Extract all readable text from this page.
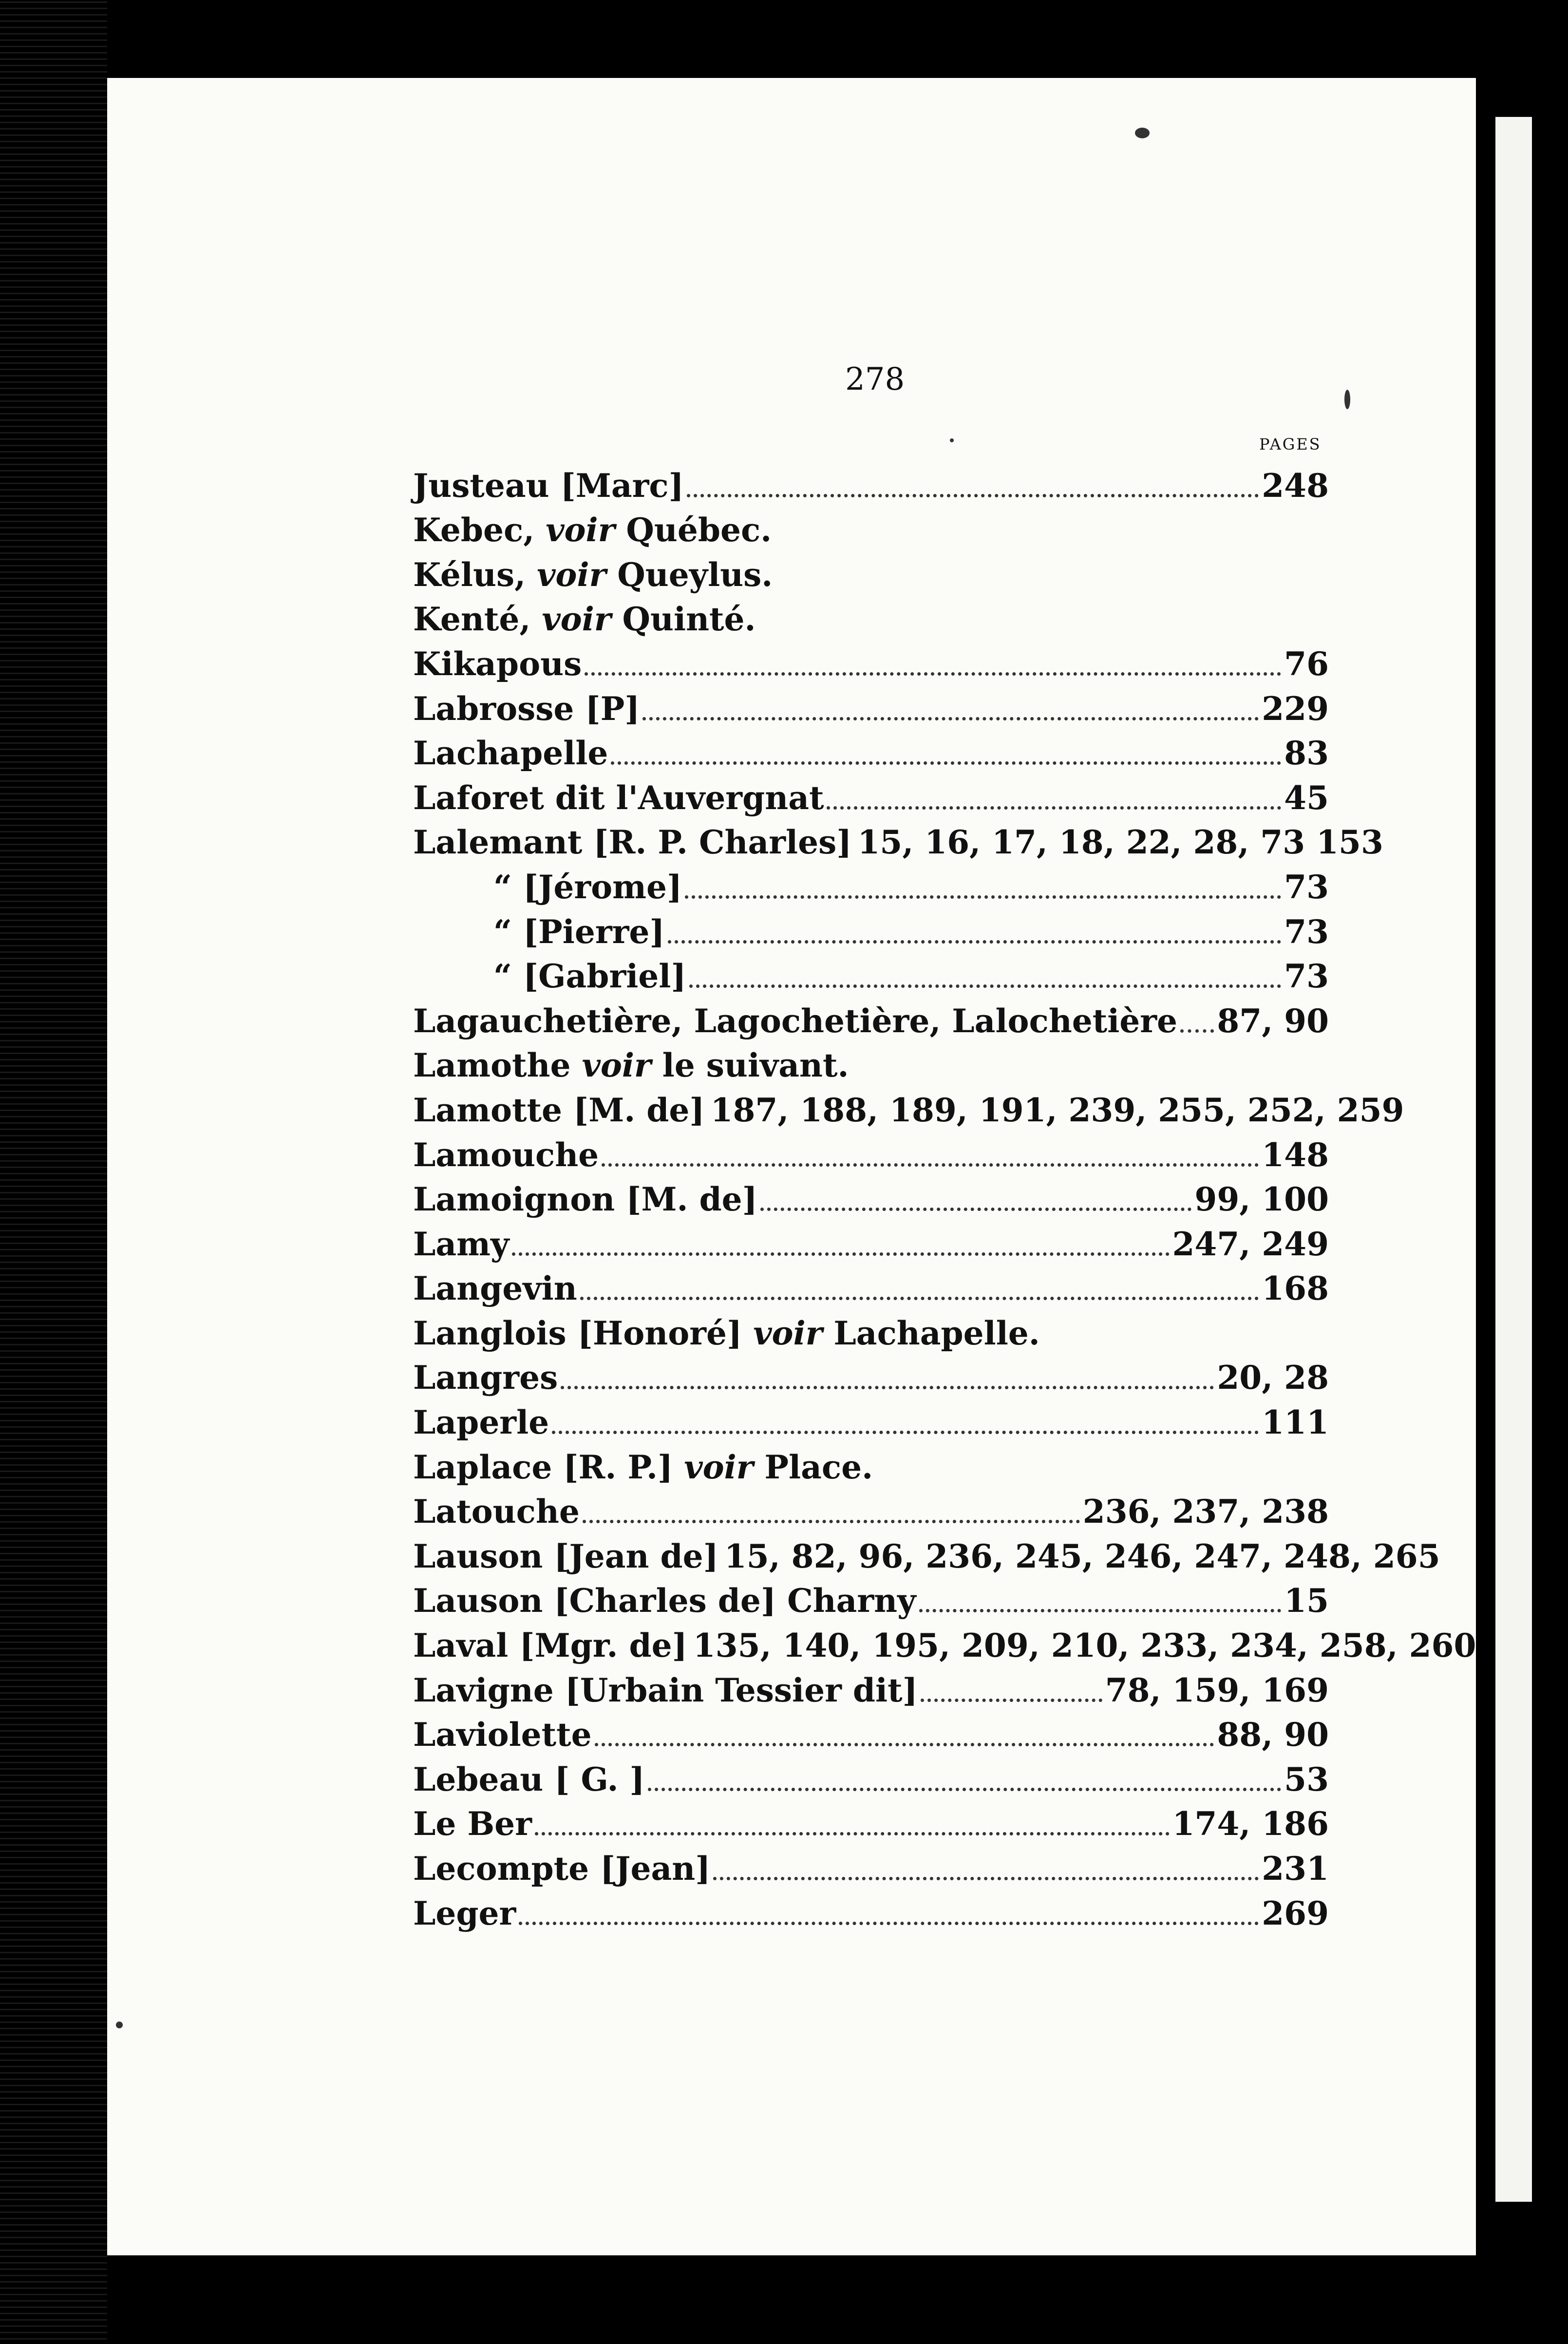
278
PAGES
Justeau [Marc]	248
Kebec, voir Québec.
Kélus, voir Queylus.
Kenté, voir Quinté.
Kikapous	76
Labrosse [P]	229
Lachapelle	83
Laforet dit l'Auvergnat	45
Lalemant [R. P. Charles] 15, 16, 17, 18, 22, 28, 73 153
“ [Jérome]	73
“ [Pierre]	73
“ [Gabriel]	73
Lagauchetière, Lagochetière, Lalochetière 87, 90
Lamothe voir le suivant.
Lamotte [M. de] 187, 188, 189, 191, 239, 255, 252, 259
Lamouche	148
Lamoignon [M. de]	99, 100
Lamy	247, 249
Langevin	168
Langlois [Honoré] voir Lachapelle.
Langres	20, 28
Laperle	111
Laplace [R. P.] voir Place.
Latouche	236, 237, 238
Lauson [Jean de] 15, 82, 96, 236, 245, 246, 247, 248, 265
Lauson [Charles de] Charny	15
Laval [Mgr. de] 135, 140, 195, 209, 210, 233, 234, 258, 260
Lavigne [Urbain Tessier dit]	78, 159, 169
Laviolette	88, 90
Lebeau [ G. ]	53
Le Ber	174, 186
Lecompte [Jean]	231
Leger	269
